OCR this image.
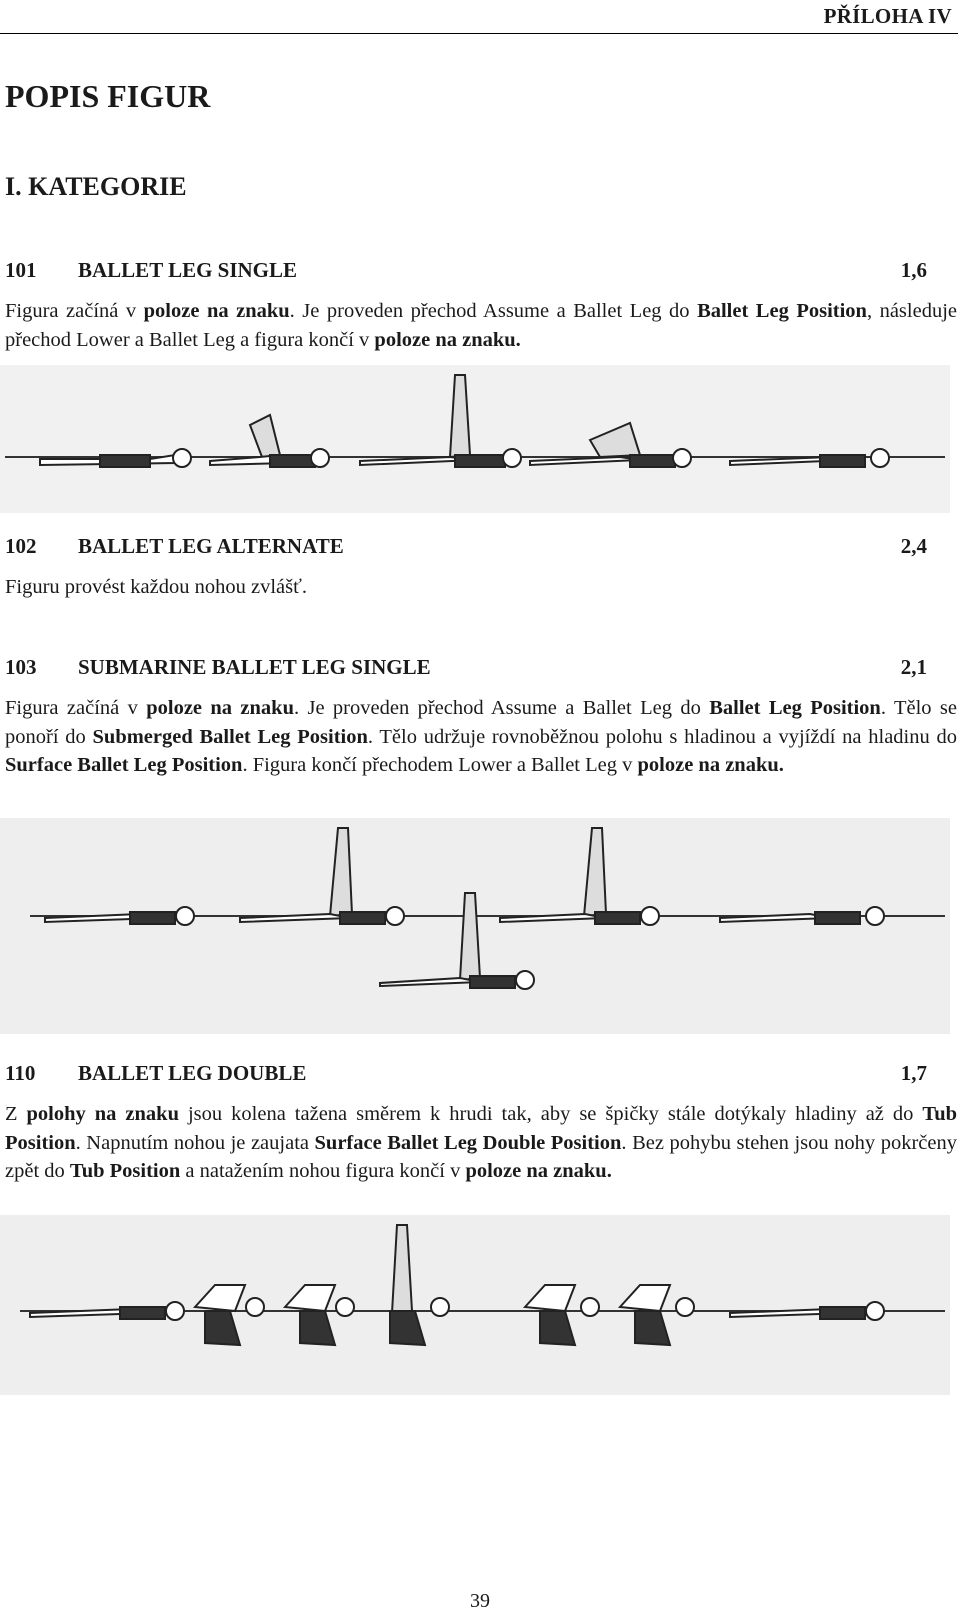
PŘÍLOHA IV
POPIS FIGUR
I. KATEGORIE
101 BALLET LEG SINGLE	1,6
Figura začíná v poloze na znaku. Je proveden přechod Assume a Ballet Leg do Ballet Leg Position, následuje přechod Lower a Ballet Leg a figura končí v poloze na znaku.
102 BALLET LEG ALTERNATE	2,4
Figuru provést každou nohou zvlášť.
103 SUBMARINE BALLET LEG SINGLE	2,1
Figura začíná v poloze na znaku. Je proveden přechod Assume a Ballet Leg do Ballet Leg Position. Tělo se ponoří do Submerged Ballet Leg Position. Tělo udržuje rovnoběžnou polohu s hladinou a vyjíždí na hladinu do Surface Ballet Leg Position. Figura končí přechodem Lower a Ballet Leg v poloze na znaku.
110 BALLET LEG DOUBLE	1,7
Z polohy na znaku jsou kolena tažena směrem k hrudi tak, aby se špičky stále dotýkaly hladiny až do Tub Position. Napnutím nohou je zaujata Surface Ballet Leg Double Position. Bez pohybu stehen jsou nohy pokrčeny zpět do Tub Position a natažením nohou figura končí v poloze na znaku.
39
